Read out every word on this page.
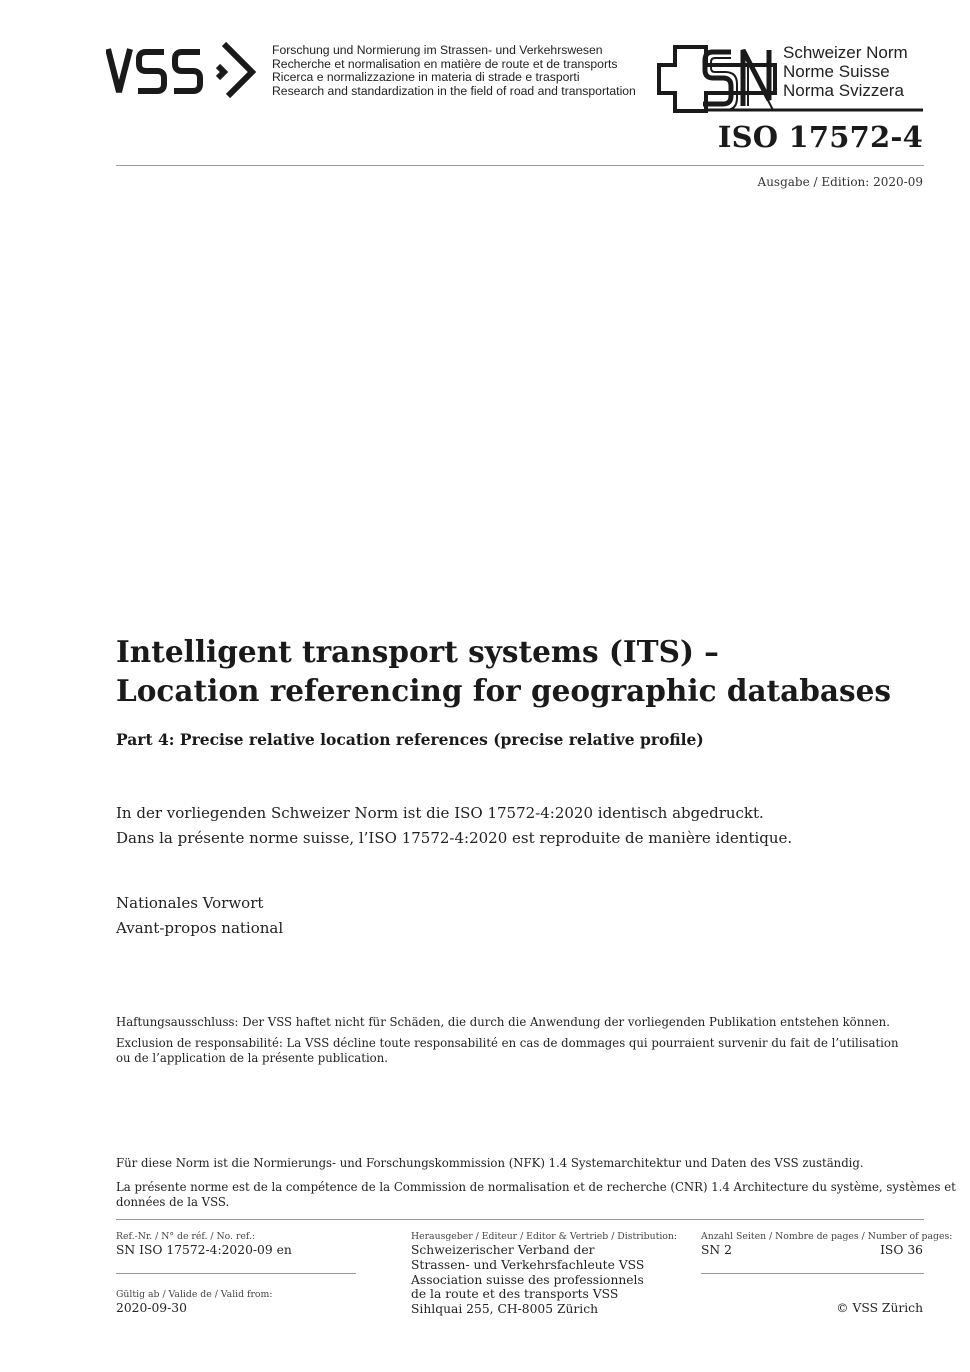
Forschung und Normierung im Strassen- und Verkehrswesen
Recherche et normalisation en matière de route et de transports
Ricerca e normalizzazione in materia di strade e trasporti
Research and standardization in the field of road and transportation
Schweizer Norm
Norme Suisse
Norma Svizzera
ISO 17572-4
Ausgabe / Edition: 2020-09
Intelligent transport systems (ITS) –
Location referencing for geographic databases
Part 4: Precise relative location references (precise relative profile)
In der vorliegenden Schweizer Norm ist die ISO 17572-4:2020 identisch abgedruckt.
Dans la présente norme suisse, l’ISO 17572-4:2020 est reproduite de manière identique.
Nationales Vorwort
Avant-propos national
Haftungsausschluss: Der VSS haftet nicht für Schäden, die durch die Anwendung der vorliegenden Publikation entstehen können.
Exclusion de responsabilité: La VSS décline toute responsabilité en cas de dommages qui pourraient survenir du fait de l’utilisation
ou de l’application de la présente publication.
Für diese Norm ist die Normierungs- und Forschungskommission (NFK) 1.4 Systemarchitektur und Daten des VSS zuständig.
La présente norme est de la compétence de la Commission de normalisation et de recherche (CNR) 1.4 Architecture du système, systèmes et
données de la VSS.
Ref.-Nr. / N° de réf. / No. ref.:
SN ISO 17572-4:2020-09 en
Gültig ab / Valide de / Valid from:
2020-09-30
Herausgeber / Editeur / Editor & Vertrieb / Distribution:
Schweizerischer Verband der
Strassen- und Verkehrsfachleute VSS
Association suisse des professionnels
de la route et des transports VSS
Sihlquai 255, CH-8005 Zürich
Anzahl Seiten / Nombre de pages / Number of pages:
SN 2	ISO 36
© VSS Zürich
